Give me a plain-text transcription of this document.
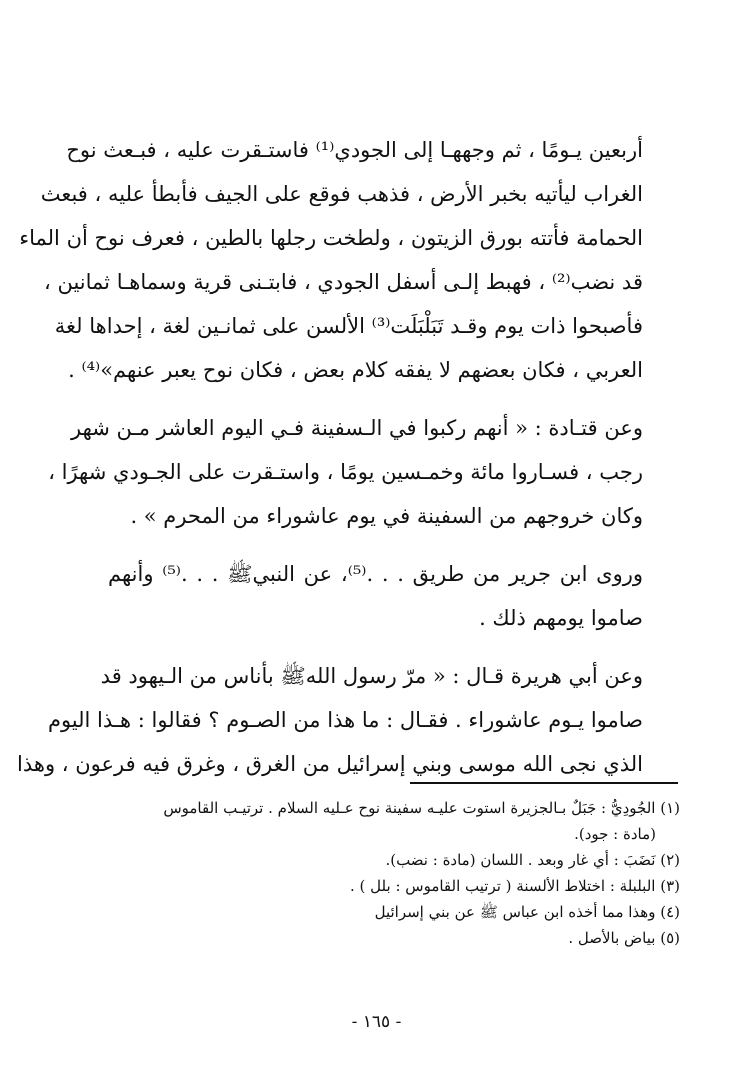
أربعين يـومًا ، ثم وجههـا إلى الجودي⁽¹⁾ فاستـقرت عليه ، فبـعث نوح
الغراب ليأتيه بخبر الأرض ، فذهب فوقع على الجيف فأبطأ عليه ، فبعث
الحمامة فأتته بورق الزيتون ، ولطخت رجلها بالطين ، فعرف نوح أن الماء
قد نضب⁽²⁾ ، فهبط إلـى أسفل الجودي ، فابتـنى قرية وسماهـا ثمانين ،
فأصبحوا ذات يوم وقـد تَبَلْبَلَت⁽³⁾ الألسن على ثمانـين لغة ، إحداها لغة
العربي ، فكان بعضهم لا يفقه كلام بعض ، فكان نوح يعبر عنهم»⁽⁴⁾ .

وعن قتـادة : « أنهم ركبوا في الـسفينة فـي اليوم العاشر مـن شهر
رجب ، فسـاروا مائة وخمـسين يومًا ، واستـقرت على الجـودي شهرًا ،
وكان خروجهم من السفينة في يوم عاشوراء من المحرم » .

وروى ابن جرير من طريق . . .⁽⁵⁾، عن النبيﷺ . . .⁽⁵⁾ وأنهم
صاموا يومهم ذلك .

وعن أبي هريرة قـال : « مرّ رسول اللهﷺ بأناس من الـيهود قد
صاموا يـوم عاشوراء . فقـال : ما هذا من الصـوم ؟ فقالوا : هـذا اليوم
الذي نجى الله موسى وبني إسرائيل من الغرق ، وغرق فيه فرعون ، وهذا

(١) الجُودِيُّ : جَبَلٌ بـالجزيرة استوت عليـه سفينة نوح عـليه السلام . ترتيـب القاموس
(مادة : جود).
(٢) نَضَبَ : أي غار وبعد . اللسان (مادة : نضب).
(٣) البلبلة : اختلاط الألسنة ( ترتيب القاموس : بلل ) .
(٤) وهذا مما أخذه ابن عباس ﷺ عن بني إسرائيل
(٥) بياض بالأصل .
- ١٦٥ -
